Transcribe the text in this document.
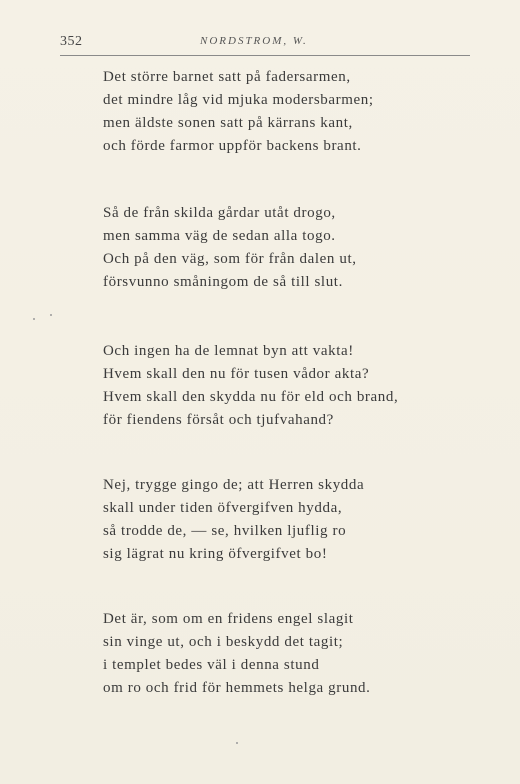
352	NORDSTROM, W.
Det större barnet satt på fadersarmen,
det mindre låg vid mjuka modersbarmen;
men äldste sonen satt på kärrans kant,
och förde farmor uppför backens brant.
Så de från skilda gårdar utåt drogo,
men samma väg de sedan alla togo.
Och på den väg, som för från dalen ut,
försvunno småningom de så till slut.
Och ingen ha de lemnat byn att vakta!
Hvem skall den nu för tusen vådor akta?
Hvem skall den skydda nu för eld och brand,
för fiendens försåt och tjufvahand?
Nej, trygge gingo de; att Herren skydda
skall under tiden öfvergifven hydda,
så trodde de, — se, hvilken ljuflig ro
sig lägrat nu kring öfvergifvet bo!
Det är, som om en fridens engel slagit
sin vinge ut, och i beskydd det tagit;
i templet bedes väl i denna stund
om ro och frid för hemmets helga grund.
